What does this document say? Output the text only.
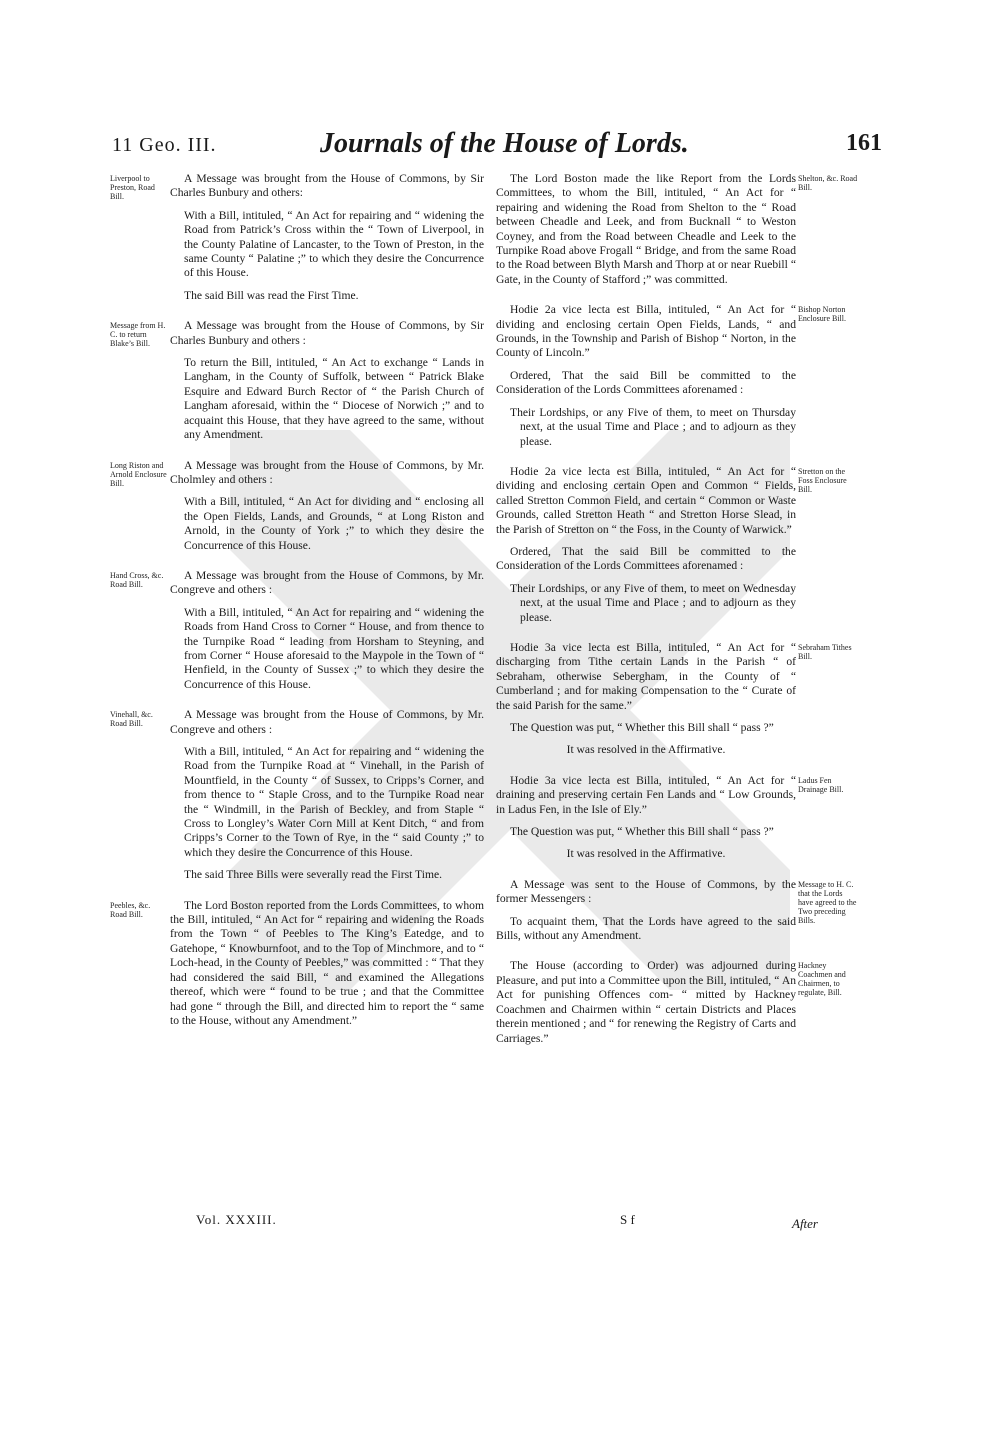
11 Geo. III.	Journals of the House of Lords.	161
Liverpool to Preston, Road Bill.

A Message was brought from the House of Commons, by Sir Charles Bunbury and others:

With a Bill, intituled, “ An Act for repairing and “ widening the Road from Patrick’s Cross within the “ Town of Liverpool, in the County Palatine of Lancaster, to the Town of Preston, in the same County “ Palatine ;” to which they desire the Concurrence of this House.

The said Bill was read the First Time.

Message from H. C. to return Blake’s Bill.

A Message was brought from the House of Commons, by Sir Charles Bunbury and others :

To return the Bill, intituled, “ An Act to exchange “ Lands in Langham, in the County of Suffolk, between “ Patrick Blake Esquire and Edward Burch Rector of “ the Parish Church of Langham aforesaid, within the “ Diocese of Norwich ;” and to acquaint this House, that they have agreed to the same, without any Amendment.

Long Riston and Arnold Enclosure Bill.

A Message was brought from the House of Commons, by Mr. Cholmley and others :

With a Bill, intituled, “ An Act for dividing and “ enclosing all the Open Fields, Lands, and Grounds, “ at Long Riston and Arnold, in the County of York ;” to which they desire the Concurrence of this House.

Hand Cross, &c. Road Bill.

A Message was brought from the House of Commons, by Mr. Congreve and others :

With a Bill, intituled, “ An Act for repairing and “ widening the Roads from Hand Cross to Corner “ House, and from thence to the Turnpike Road “ leading from Horsham to Steyning, and from Corner “ House aforesaid to the Maypole in the Town of “ Henfield, in the County of Sussex ;” to which they desire the Concurrence of this House.

Vinehall, &c. Road Bill.

A Message was brought from the House of Commons, by Mr. Congreve and others :

With a Bill, intituled, “ An Act for repairing and “ widening the Road from the Turnpike Road at “ Vinehall, in the Parish of Mountfield, in the County “ of Sussex, to Cripps’s Corner, and from thence to “ Staple Cross, and to the Turnpike Road near the “ Windmill, in the Parish of Beckley, and from Staple “ Cross to Longley’s Water Corn Mill at Kent Ditch, “ and from Cripps’s Corner to the Town of Rye, in the “ said County ;” to which they desire the Concurrence of this House.

The said Three Bills were severally read the First Time.

Peebles, &c. Road Bill.

The Lord Boston reported from the Lords Committees, to whom the Bill, intituled, “ An Act for “ repairing and widening the Roads from the Town “ of Peebles to The King’s Eatedge, and to Gatehope, “ Knowburnfoot, and to the Top of Minchmore, and to “ Loch-head, in the County of Peebles,” was committed : “ That they had considered the said Bill, “ and examined the Allegations thereof, which were “ found to be true ; and that the Committee had gone “ through the Bill, and directed him to report the “ same to the House, without any Amendment.”

Shelton, &c. Road Bill.

The Lord Boston made the like Report from the Lords Committees, to whom the Bill, intituled, “ An Act for “ repairing and widening the Road from Shelton to the “ Road between Cheadle and Leek, and from Bucknall “ to Weston Coyney, and from the Road between Cheadle and Leek to the Turnpike Road above Frogall “ Bridge, and from the same Road to the Road between Blyth Marsh and Thorp at or near Ruebill “ Gate, in the County of Stafford ;” was committed.

Bishop Norton Enclosure Bill.

Hodie 2a vice lecta est Billa, intituled, “ An Act for “ dividing and enclosing certain Open Fields, Lands, “ and Grounds, in the Township and Parish of Bishop “ Norton, in the County of Lincoln.”

Ordered, That the said Bill be committed to the Consideration of the Lords Committees aforenamed :

Their Lordships, or any Five of them, to meet on Thursday next, at the usual Time and Place ; and to adjourn as they please.

Stretton on the Foss Enclosure Bill.

Hodie 2a vice lecta est Billa, intituled, “ An Act for “ dividing and enclosing certain Open and Common “ Fields, called Stretton Common Field, and certain “ Common or Waste Grounds, called Stretton Heath “ and Stretton Horse Slead, in the Parish of Stretton on “ the Foss, in the County of Warwick.”

Ordered, That the said Bill be committed to the Consideration of the Lords Committees aforenamed :

Their Lordships, or any Five of them, to meet on Wednesday next, at the usual Time and Place ; and to adjourn as they please.

Sebraham Tithes Bill.

Hodie 3a vice lecta est Billa, intituled, “ An Act for “ discharging from Tithe certain Lands in the Parish “ of Sebraham, otherwise Sebergham, in the County of “ Cumberland ; and for making Compensation to the “ Curate of the said Parish for the same.”

The Question was put, “ Whether this Bill shall “ pass ?”

It was resolved in the Affirmative.

Ladus Fen Drainage Bill.

Hodie 3a vice lecta est Billa, intituled, “ An Act for “ draining and preserving certain Fen Lands and “ Low Grounds, in Ladus Fen, in the Isle of Ely.”

The Question was put, “ Whether this Bill shall “ pass ?”

It was resolved in the Affirmative.

Message to H. C. that the Lords have agreed to the Two preceding Bills.

A Message was sent to the House of Commons, by the former Messengers :

To acquaint them, That the Lords have agreed to the said Bills, without any Amendment.

Hackney Coachmen and Chairmen, to regulate, Bill.

The House (according to Order) was adjourned during Pleasure, and put into a Committee upon the Bill, intituled, “ An Act for punishing Offences com- “ mitted by Hackney Coachmen and Chairmen within “ certain Districts and Places therein mentioned ; and “ for renewing the Registry of Carts and Carriages.”

Vol. XXXIII.	S f	After
